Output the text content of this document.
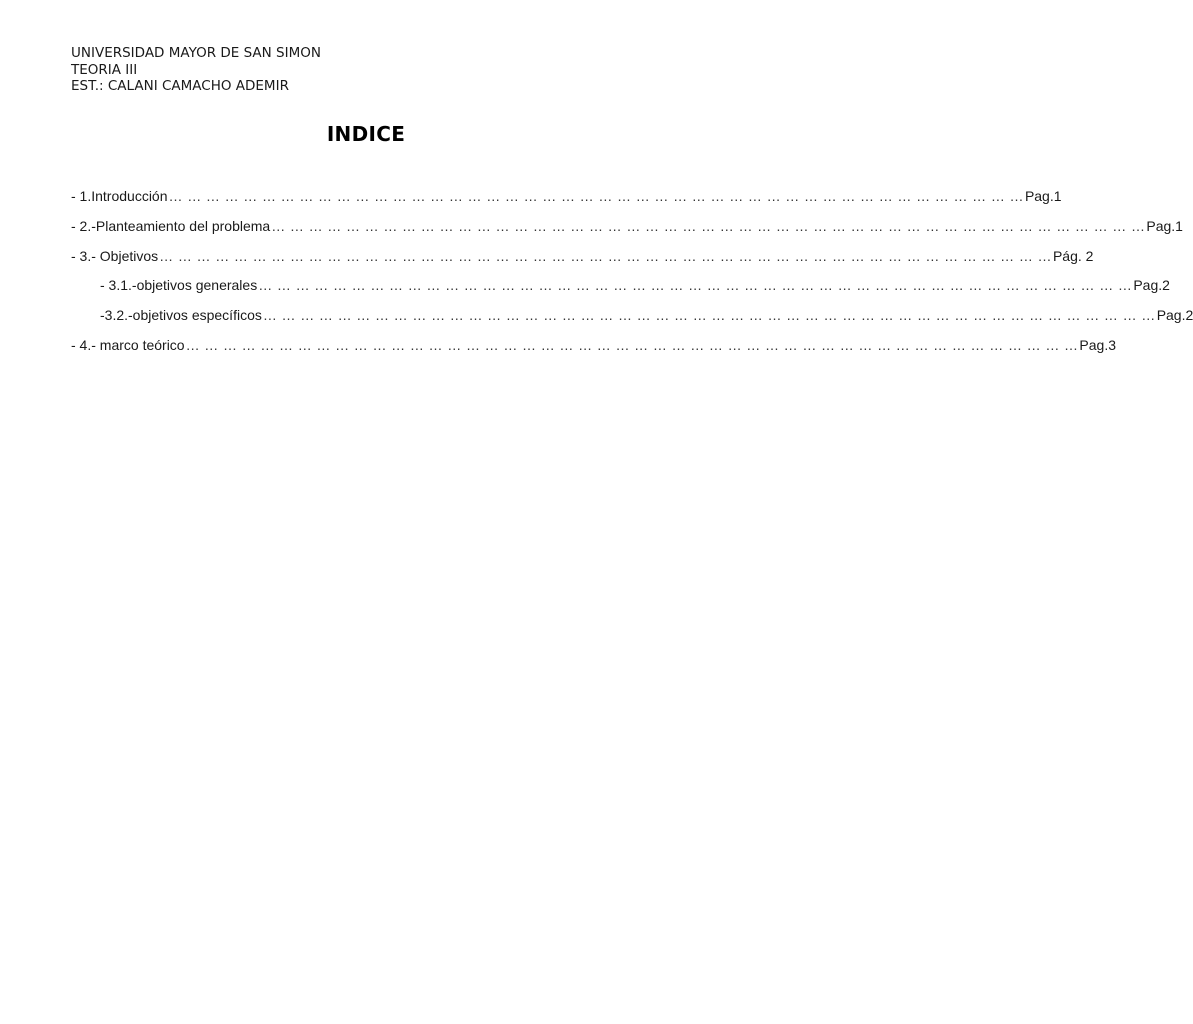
UNIVERSIDAD MAYOR DE SAN SIMON
TEORIA III
EST.: CALANI CAMACHO ADEMIR
INDICE
- 1.Introducción … … … … … … … … … … … … … … … … … … … … … … … … … … … … … … … … … … … … … … … … … … … … … … Pag.1
- 2.-Planteamiento del problema … … … … … … … … … … … … … … … … … … … … … … … … … … … … … … … … … … … … … … … … … … … … … … … Pag.1
- 3.- Objetivos … … … … … … … … … … … … … … … … … … … … … … … … … … … … … … … … … … … … … … … … … … … … … … … … Pág. 2
- 3.1.-objetivos generales … … … … … … … … … … … … … … … … … … … … … … … … … … … … … … … … … … … … … … … … … … … … … … … Pag.2
-3.2.-objetivos específicos … … … … … … … … … … … … … … … … … … … … … … … … … … … … … … … … … … … … … … … … … … … … … … … … Pag.2
- 4.- marco teórico … … … … … … … … … … … … … … … … … … … … … … … … … … … … … … … … … … … … … … … … … … … … … … … … Pag.3
